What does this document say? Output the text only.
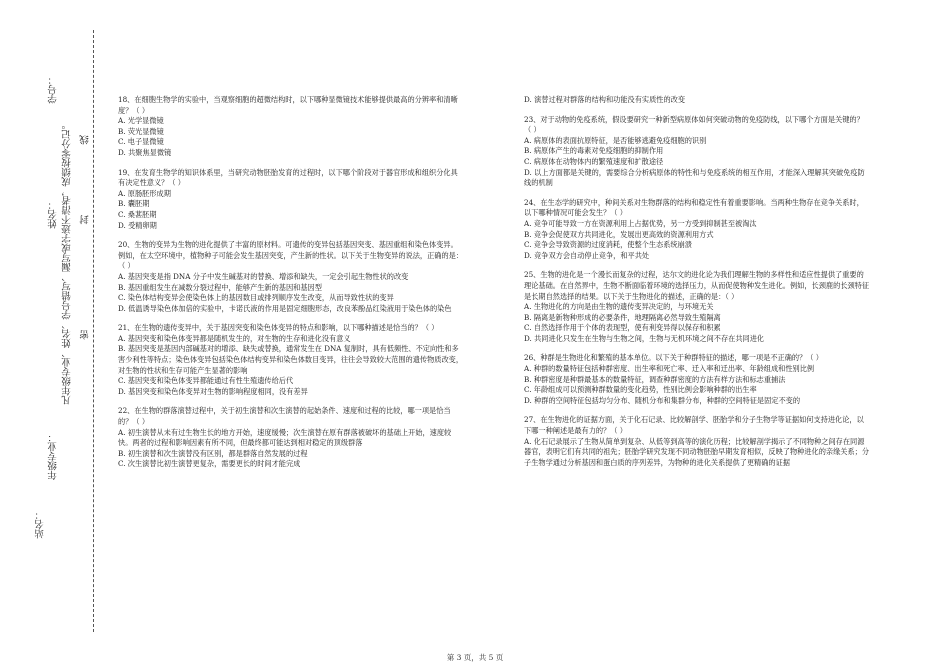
站名：
年级专业：
凡年级专业、姓名、学号错写、漏写或字迹不清者，成绩按零分记。 密
封
线
姓名：
学号：	18、在细胞生物学的实验中，当观察细胞的超微结构时，以下哪种显微镜技术能够提供最高的分辨率和清晰度？（ ）

A. 光学显微镜

B. 荧光显微镜

C. 电子显微镜

D. 共聚焦显微镜

19、在发育生物学的知识体系里，当研究动物胚胎发育的过程时，以下哪个阶段对于器官形成和组织分化具有决定性意义？（ ）

A. 原肠胚形成期

B. 囊胚期

C. 桑葚胚期

D. 受精卵期

20、生物的变异为生物的进化提供了丰富的原材料。可遗传的变异包括基因突变、基因重组和染色体变异。例如，在太空环境中，植物种子可能会发生基因突变，产生新的性状。以下关于生物变异的说法，正确的是：（ ）

A. 基因突变是指 DNA 分子中发生碱基对的替换、增添和缺失，一定会引起生物性状的改变

B. 基因重组发生在减数分裂过程中，能够产生新的基因和基因型

C. 染色体结构变异会使染色体上的基因数目或排列顺序发生改变，从而导致性状的变异

D. 低温诱导染色体加倍的实验中，卡诺氏液的作用是固定细胞形态，改良苯酚品红染液用于染色体的染色

21、在生物的遗传变异中，关于基因突变和染色体变异的特点和影响，以下哪种描述是恰当的？（ ）

A. 基因突变和染色体变异都是随机发生的，对生物的生存和进化没有意义

B. 基因突变是基因内部碱基对的增添、缺失或替换，通常发生在 DNA 复制时，具有低频性、不定向性和多害少利性等特点；染色体变异包括染色体结构变异和染色体数目变异，往往会导致较大范围的遗传物质改变，对生物的性状和生存可能产生显著的影响

C. 基因突变和染色体变异都能通过有性生殖遗传给后代

D. 基因突变和染色体变异对生物的影响程度相同，没有差异

22、在生物的群落演替过程中，关于初生演替和次生演替的起始条件、速度和过程的比较，哪一项是恰当的？（ ）

A. 初生演替从未有过生物生长的地方开始，速度缓慢；次生演替在原有群落被破坏的基础上开始，速度较快。两者的过程和影响因素有所不同，但最终都可能达到相对稳定的顶级群落

B. 初生演替和次生演替没有区别，都是群落自然发展的过程

C. 次生演替比初生演替更复杂，需要更长的时间才能完成

D. 演替过程对群落的结构和功能没有实质性的改变

23、对于动物的免疫系统，假设要研究一种新型病原体如何突破动物的免疫防线，以下哪个方面是关键的？（ ）

A. 病原体的表面抗原特征，是否能够逃避免疫细胞的识别

B. 病原体产生的毒素对免疫细胞的抑制作用

C. 病原体在动物体内的繁殖速度和扩散途径

D. 以上方面都是关键的，需要综合分析病原体的特性和与免疫系统的相互作用，才能深入理解其突破免疫防线的机制

24、在生态学的研究中，种间关系对生物群落的结构和稳定性有着重要影响。当两种生物存在竞争关系时，以下哪种情况可能会发生？（ ）

A. 竞争可能导致一方在资源利用上占据优势，另一方受到抑制甚至被淘汰

B. 竞争会促使双方共同进化，发展出更高效的资源利用方式

C. 竞争会导致资源的过度消耗，使整个生态系统崩溃

D. 竞争双方会自动停止竞争，和平共处

25、生物的进化是一个漫长而复杂的过程，达尔文的进化论为我们理解生物的多样性和适应性提供了重要的理论基础。在自然界中，生物不断面临着环境的选择压力，从而促使物种发生进化。例如，长颈鹿的长颈特征是长期自然选择的结果。以下关于生物进化的描述，正确的是：（ ）

A. 生物进化的方向是由生物的遗传变异决定的，与环境无关

B. 隔离是新物种形成的必要条件，地理隔离必然导致生殖隔离

C. 自然选择作用于个体的表现型，使有利变异得以保存和积累

D. 共同进化只发生在生物与生物之间，生物与无机环境之间不存在共同进化

26、种群是生物进化和繁殖的基本单位。以下关于种群特征的描述，哪一项是不正确的？（ ）

A. 种群的数量特征包括种群密度、出生率和死亡率、迁入率和迁出率、年龄组成和性别比例

B. 种群密度是种群最基本的数量特征，调查种群密度的方法有样方法和标志重捕法

C. 年龄组成可以预测种群数量的变化趋势，性别比例会影响种群的出生率

D. 种群的空间特征包括均匀分布、随机分布和集群分布，种群的空间特征是固定不变的

27、在生物进化的证据方面，关于化石记录、比较解剖学、胚胎学和分子生物学等证据如何支持进化论，以下哪一种阐述是最有力的？（ ）

A. 化石记录展示了生物从简单到复杂、从低等到高等的演化历程；比较解剖学揭示了不同物种之间存在同源器官，表明它们有共同的祖先；胚胎学研究发现不同动物胚胎早期发育相似，反映了物种进化的亲缘关系；分子生物学通过分析基因和蛋白质的序列差异，为物种的进化关系提供了更精确的证据

第 3 页，共 5 页
